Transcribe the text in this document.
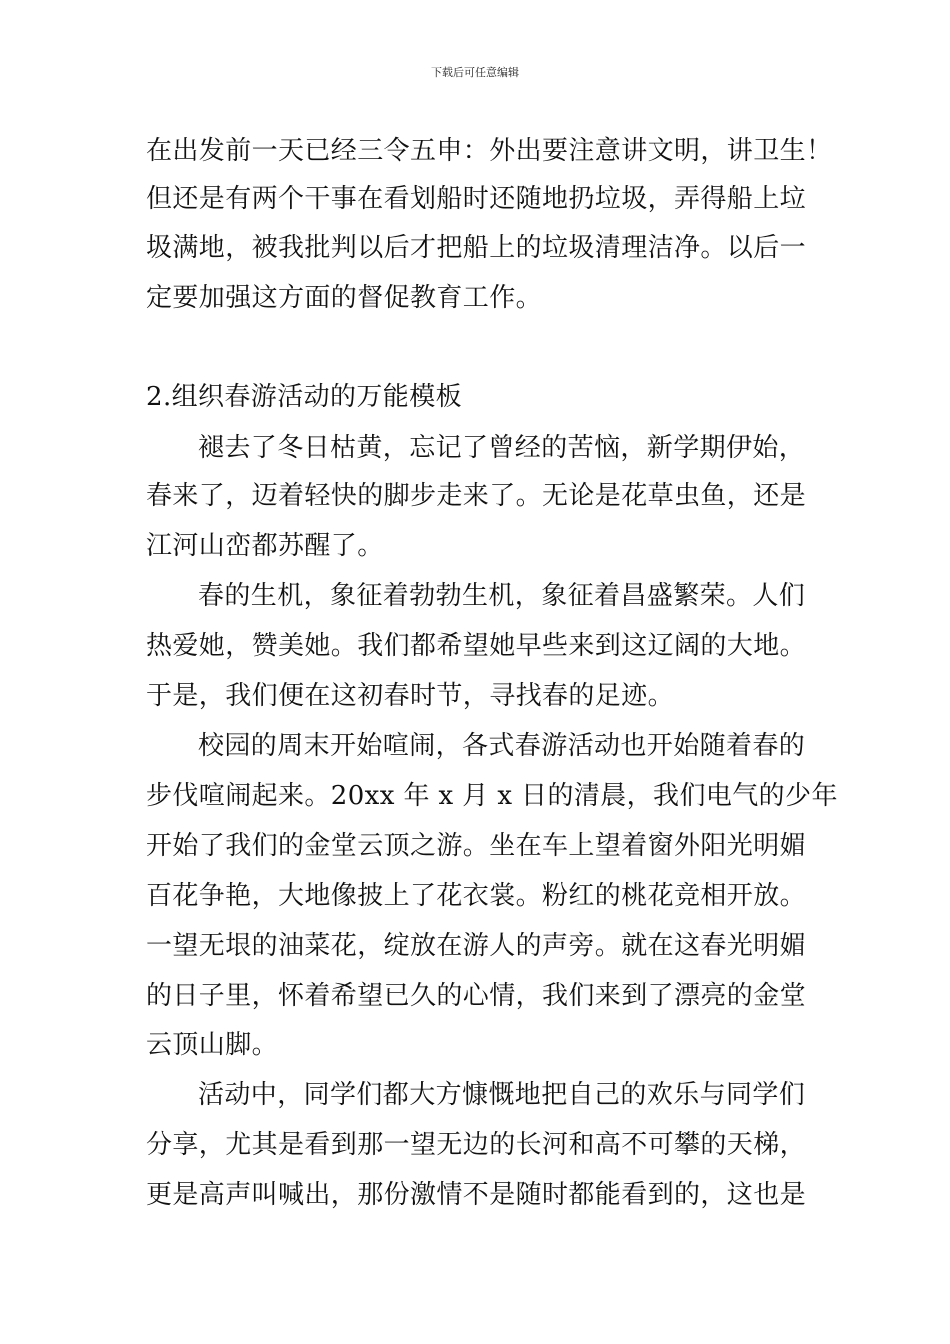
下载后可任意编辑
在出发前一天已经三令五申：外出要注意讲文明，讲卫生！
但还是有两个干事在看划船时还随地扔垃圾，弄得船上垃
圾满地，被我批判以后才把船上的垃圾清理洁净。以后一
定要加强这方面的督促教育工作。
2.组织春游活动的万能模板
褪去了冬日枯黄，忘记了曾经的苦恼，新学期伊始，
春来了，迈着轻快的脚步走来了。无论是花草虫鱼，还是
江河山峦都苏醒了。
春的生机，象征着勃勃生机，象征着昌盛繁荣。人们
热爱她，赞美她。我们都希望她早些来到这辽阔的大地。
于是，我们便在这初春时节，寻找春的足迹。
校园的周末开始喧闹，各式春游活动也开始随着春的
步伐喧闹起来。20xx 年 x 月 x 日的清晨，我们电气的少年
开始了我们的金堂云顶之游。坐在车上望着窗外阳光明媚
百花争艳，大地像披上了花衣裳。粉红的桃花竞相开放。
一望无垠的油菜花，绽放在游人的声旁。就在这春光明媚
的日子里，怀着希望已久的心情，我们来到了漂亮的金堂
云顶山脚。
活动中，同学们都大方慷慨地把自己的欢乐与同学们
分享，尤其是看到那一望无边的长河和高不可攀的天梯，
更是高声叫喊出，那份激情不是随时都能看到的，这也是
